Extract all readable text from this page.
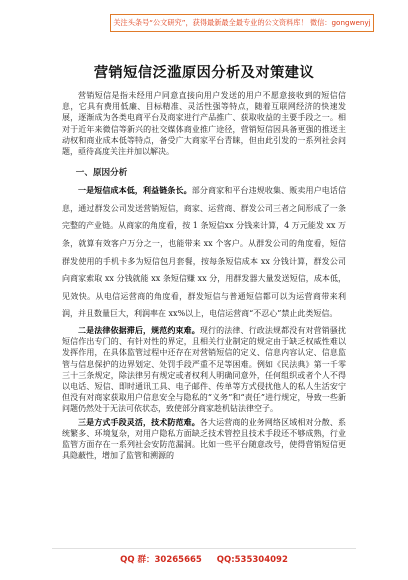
关注头条号“公文研究”，获得最新最全最专业的公文资料库！ 微信：gongwenyj
营销短信泛滥原因分析及对策建议

营销短信是指未经用户同意直接向用户发送的用户不愿意接收到的短信信息，它具有费用低廉、目标精准、灵活性强等特点，随着互联网经济的快速发展，逐渐成为各类电商平台及商家进行产品推广、获取收益的主要手段之一。相对于近年来微信等新兴的社交媒体商业推广途径，营销短信因具备更强的推送主动权和商业成本低等特点，备受广大商家平台青睐，但由此引发的一系列社会问题，亟待高度关注并加以解决。

一、原因分析

一是短信成本低，利益链条长。部分商家和平台违规收集、贩卖用户电话信息，通过群发公司发送营销短信，商家、运营商、群发公司三者之间形成了一条完整的产业链。从商家的角度看，按 1 条短信xx 分钱来计算，4 万元能发 xx 万条，就算有效客户万分之一，也能带来 xx 个客户。从群发公司的角度看，短信群发使用的手机卡多为短信包月套餐，按每条短信成本 xx 分钱计算，群发公司向商家索取 xx 分钱就能 xx 条短信赚 xx 分，用群发器大量发送短信，成本低，见效快。从电信运营商的角度看，群发短信与普通短信都可以为运营商带来利润，并且数量巨大，利润率在 xx%以上，电信运营商“不忍心”禁止此类短信。

二是法律依据滞后，规范约束难。现行的法律、行政法规都没有对营销骚扰短信作出专门的、有针对性的界定，且相关行业制定的规定由于缺乏权威性难以发挥作用，在具体监管过程中还存在对营销短信的定义、信息内容认定、信息监管与信息保护的边界划定、处罚手段严重不足等困难。例如《民法典》第一千零三十三条规定，除法律另有规定或者权利人明确同意外，任何组织或者个人不得以电话、短信、即时通讯工具、电子邮件、传单等方式侵扰他人的私人生活安宁但没有对商家获取用户信息安全与隐私的“义务”和“责任”进行规定，导致一些新问题仍然处于无法可依状态，致使部分商家趁机钻法律空子。

三是方式手段灵活，技术防范难。各大运营商的业务网络区域相对分散、系统繁多、环境复杂，对用户隐私方面缺乏技术管控且技术手段还不够成熟，行业监管方面存在一系列社会安防范漏洞。比如一些平台随意改号，使得营销短信更具隐蔽性，增加了监管和溯源的

QQ 群：30265665 QQ:535304092
